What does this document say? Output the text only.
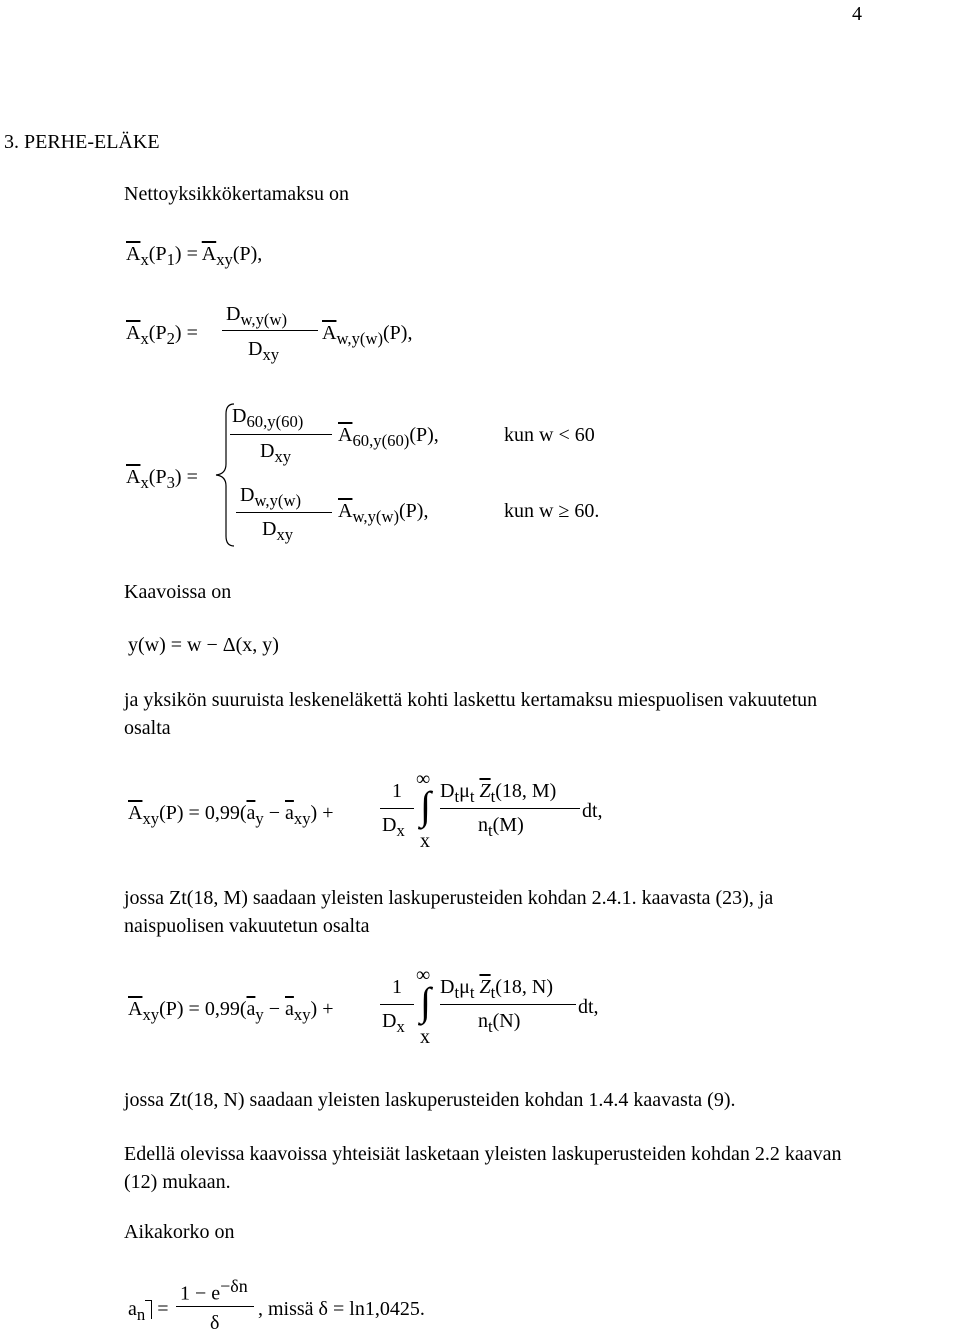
4
3. PERHE-ELÄKE
Nettoyksikkökertamaksu on
$\overline{A}_x(P_1) = \overline{A}_{xy}(P)$,
$\overline{A}_x(P_2)$ =
$D_{w,y(w)}$
$D_{xy}$
$\overline{A}_{w,y(w)}(P)$,
$\overline{A}_x(P_3)$ =
$D_{60,y(60)}$
$D_{xy}$
$\overline{A}_{60,y(60)}(P)$,	kun w < 60
$D_{w,y(w)}$
$D_{xy}$
$\overline{A}_{w,y(w)}(P)$,	kun w ≥ 60.
Kaavoissa on
y(w) = w − Δ(x, y)
ja yksikön suuruista leskeneläkettä kohti laskettu kertamaksu miespuolisen vakuutetun osalta
$\overline{A}_{xy}(P) = 0,99(\overline{a}_y - \overline{a}_{xy})$ +
1
$D_x$
∞
∫
x
$D_t\mu_t$ $\overline{Z}_t(18$, M)
$n_t(M)$
dt,
jossa Zt(18, M) saadaan yleisten laskuperusteiden kohdan 2.4.1. kaavasta (23), ja naispuolisen vakuutetun osalta
$\overline{A}_{xy}(P) = 0,99(\overline{a}_y - \overline{a}_{xy})$ +
1
$D_x$
∞
∫
x
$D_t\mu_t$ $\overline{Z}_t(18$, N)
$n_t(N)$
dt,
jossa Zt(18, N) saadaan yleisten laskuperusteiden kohdan 1.4.4 kaavasta (9).
Edellä olevissa kaavoissa yhteisiät lasketaan yleisten laskuperusteiden kohdan 2.2 kaavan (12) mukaan.
Aikakorko on
$a_n$ =
$1 - e^{-\delta n}$
δ
, missä δ = ln1,0425.
